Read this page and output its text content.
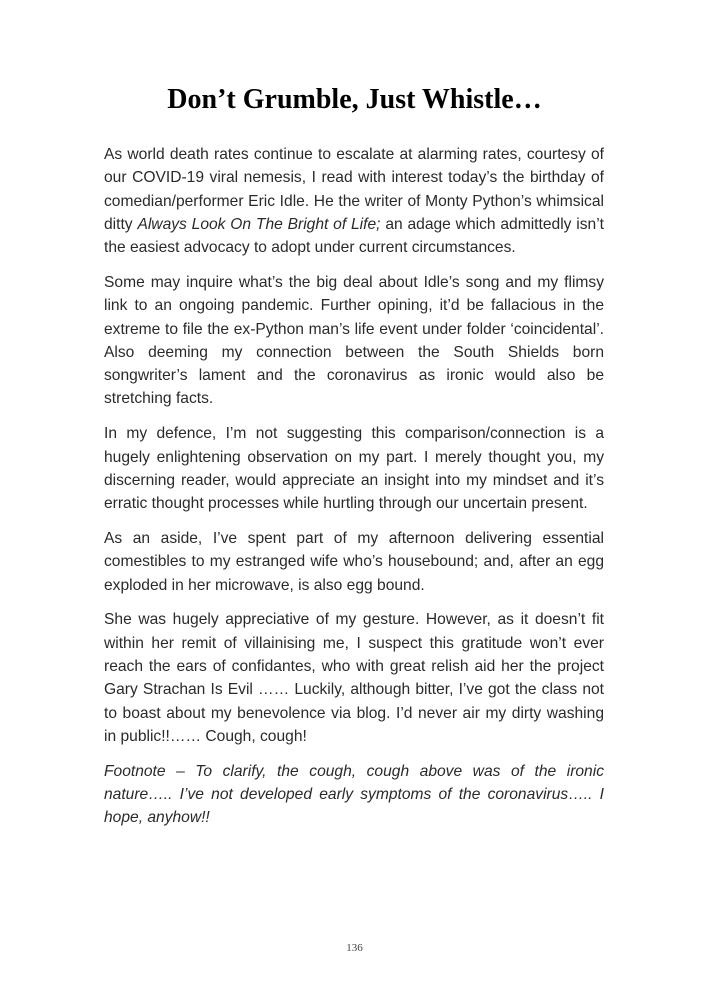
Don’t Grumble, Just Whistle…

As world death rates continue to escalate at alarming rates, courtesy of our COVID-19 viral nemesis, I read with interest today’s the birthday of comedian/performer Eric Idle. He the writer of Monty Python’s whimsical ditty Always Look On The Bright of Life; an adage which admittedly isn’t the easiest advocacy to adopt under current circumstances.

Some may inquire what’s the big deal about Idle’s song and my flimsy link to an ongoing pandemic. Further opining, it’d be fallacious in the extreme to file the ex-Python man’s life event under folder ‘coincidental’. Also deeming my connection between the South Shields born songwriter’s lament and the coronavirus as ironic would also be stretching facts.

In my defence, I’m not suggesting this comparison/connection is a hugely enlightening observation on my part. I merely thought you, my discerning reader, would appreciate an insight into my mindset and it’s erratic thought processes while hurtling through our uncertain present.

As an aside, I’ve spent part of my afternoon delivering essential comestibles to my estranged wife who’s housebound; and, after an egg exploded in her microwave, is also egg bound.

She was hugely appreciative of my gesture. However, as it doesn’t fit within her remit of villainising me, I suspect this gratitude won’t ever reach the ears of confidantes, who with great relish aid her the project Gary Strachan Is Evil …… Luckily, although bitter, I’ve got the class not to boast about my benevolence via blog. I’d never air my dirty washing in public!!…… Cough, cough!

Footnote – To clarify, the cough, cough above was of the ironic nature….. I’ve not developed early symptoms of the coronavirus….. I hope, anyhow!!

136
